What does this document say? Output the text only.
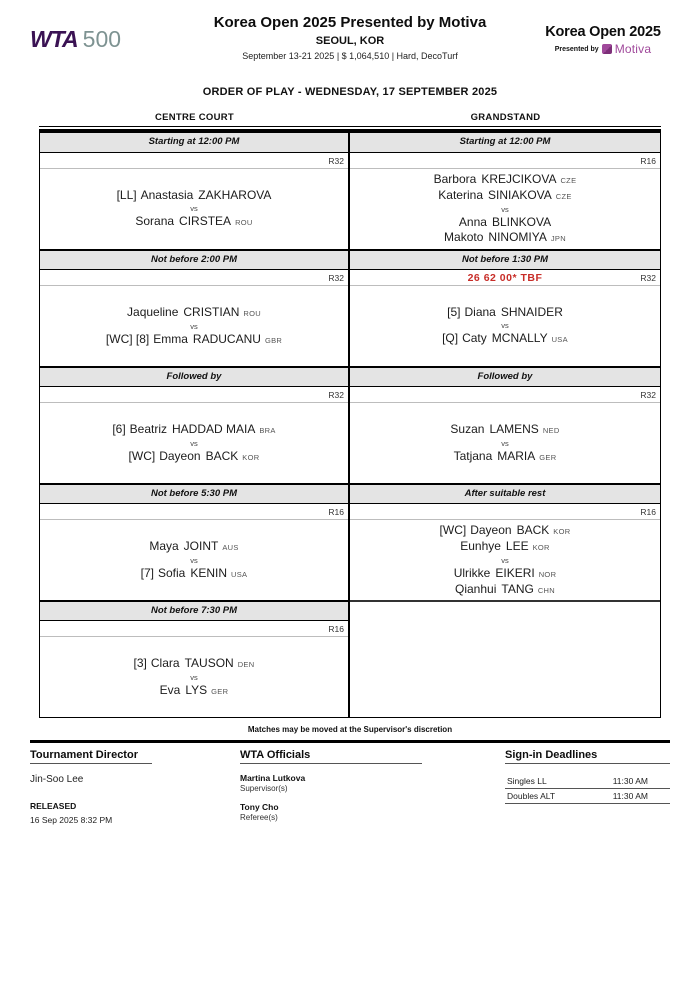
WTA 500
Korea Open 2025 Presented by Motiva
SEOUL, KOR
September 13-21 2025 | $ 1,064,510 | Hard, DecoTurf
Korea Open 2025
Presented by Motiva
ORDER OF PLAY - WEDNESDAY, 17 SEPTEMBER 2025
CENTRE COURT	GRANDSTAND
Starting at 12:00 PM
R32
[LL] Anastasia ZAKHAROVA
vs
Sorana CIRSTEA ROU
Not before 2:00 PM
R32
Jaqueline CRISTIAN ROU
vs
[WC] [8] Emma RADUCANU GBR
Followed by
R32
[6] Beatriz HADDAD MAIA BRA
vs
[WC] Dayeon BACK KOR
Not before 5:30 PM
R16
Maya JOINT AUS
vs
[7] Sofia KENIN USA
Not before 7:30 PM
R16
[3] Clara TAUSON DEN
vs
Eva LYS GER
Starting at 12:00 PM
R16
Barbora KREJCIKOVA CZE
Katerina SINIAKOVA CZE
vs
Anna BLINKOVA
Makoto NINOMIYA JPN
Not before 1:30 PM
26 62 00* TBF	R32
[5] Diana SHNAIDER
vs
[Q] Caty MCNALLY USA
Followed by
R32
Suzan LAMENS NED
vs
Tatjana MARIA GER
After suitable rest
R16
[WC] Dayeon BACK KOR
Eunhye LEE KOR
vs
Ulrikke EIKERI NOR
Qianhui TANG CHN
Matches may be moved at the Supervisor's discretion
Tournament Director
Jin-Soo Lee
RELEASED
16 Sep 2025 8:32 PM
WTA Officials
Martina Lutkova
Supervisor(s)
Tony Cho
Referee(s)
Sign-in Deadlines
Singles LL	11:30 AM
Doubles ALT	11:30 AM
